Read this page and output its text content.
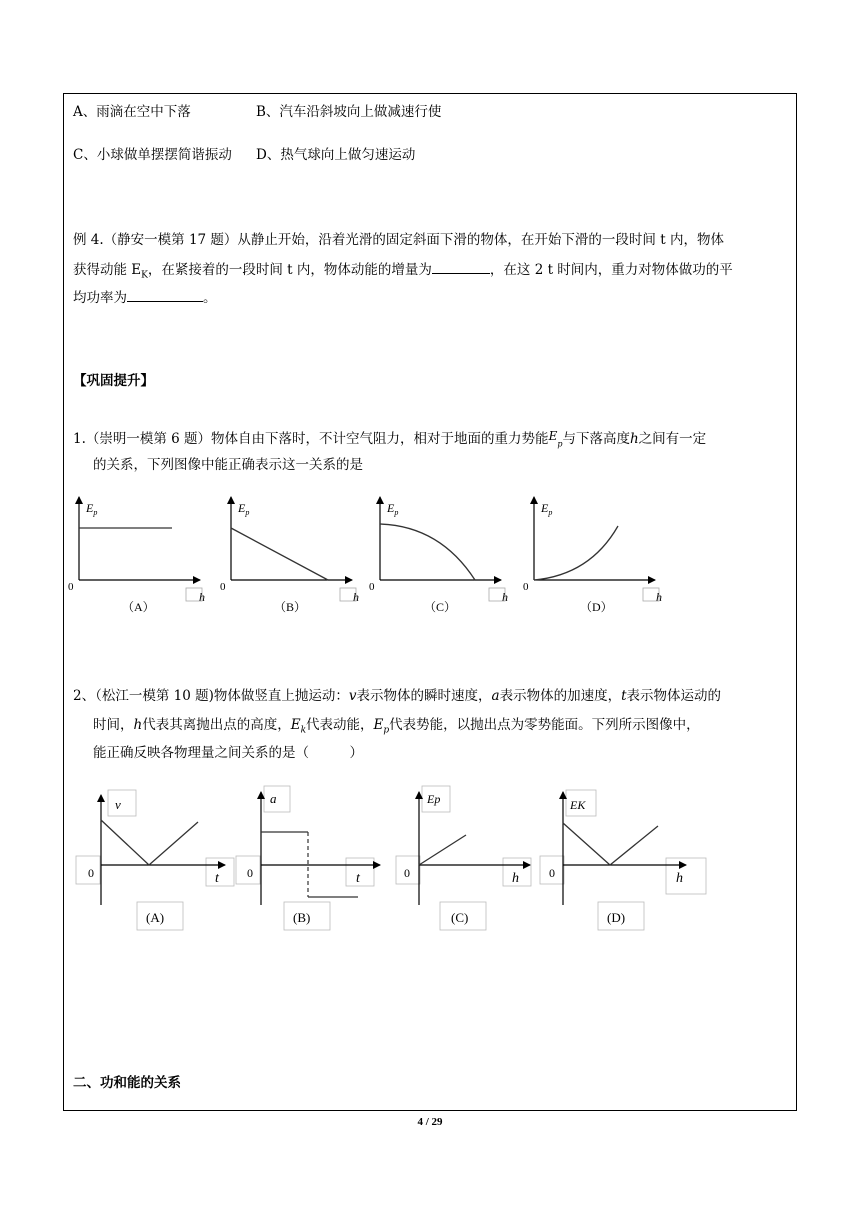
A、雨滴在空中下落	B、汽车沿斜坡向上做减速行使
C、小球做单摆摆简谐振动 D、热气球向上做匀速运动
例 4.（静安一模第 17 题）从静止开始，沿着光滑的固定斜面下滑的物体，在开始下滑的一段时间 t 内，物体
获得动能 $E_K$，在紧接着的一段时间 t 内，物体动能的增量为	，在这 2 t 时间内，重力对物体做功的平
均功率为	。
【巩固提升】
1.（崇明一模第 6 题）物体自由下落时，不计空气阻力，相对于地面的重力势能$E_p$与下落高度h之间有一定
的关系，下列图像中能正确表示这一关系的是
$E_p$
0
h
（A）
$E_p$
0
h
（B）
$E_p$
0
h
（C）
$E_p$
0
h
（D）
v
0	t
(A)
a
0	t
(B)
Ep
0	h
(C)
EK
0	h
(D)
2、（松江一模第 10 题)物体做竖直上抛运动：v表示物体的瞬时速度，a表示物体的加速度，t表示物体运动的
时间，h代表其离抛出点的高度，$E_k$代表动能，$E_p$代表势能，以抛出点为零势能面。下列所示图像中，
能正确反映各物理量之间关系的是（　　　）
二、功和能的关系
4 / 29
